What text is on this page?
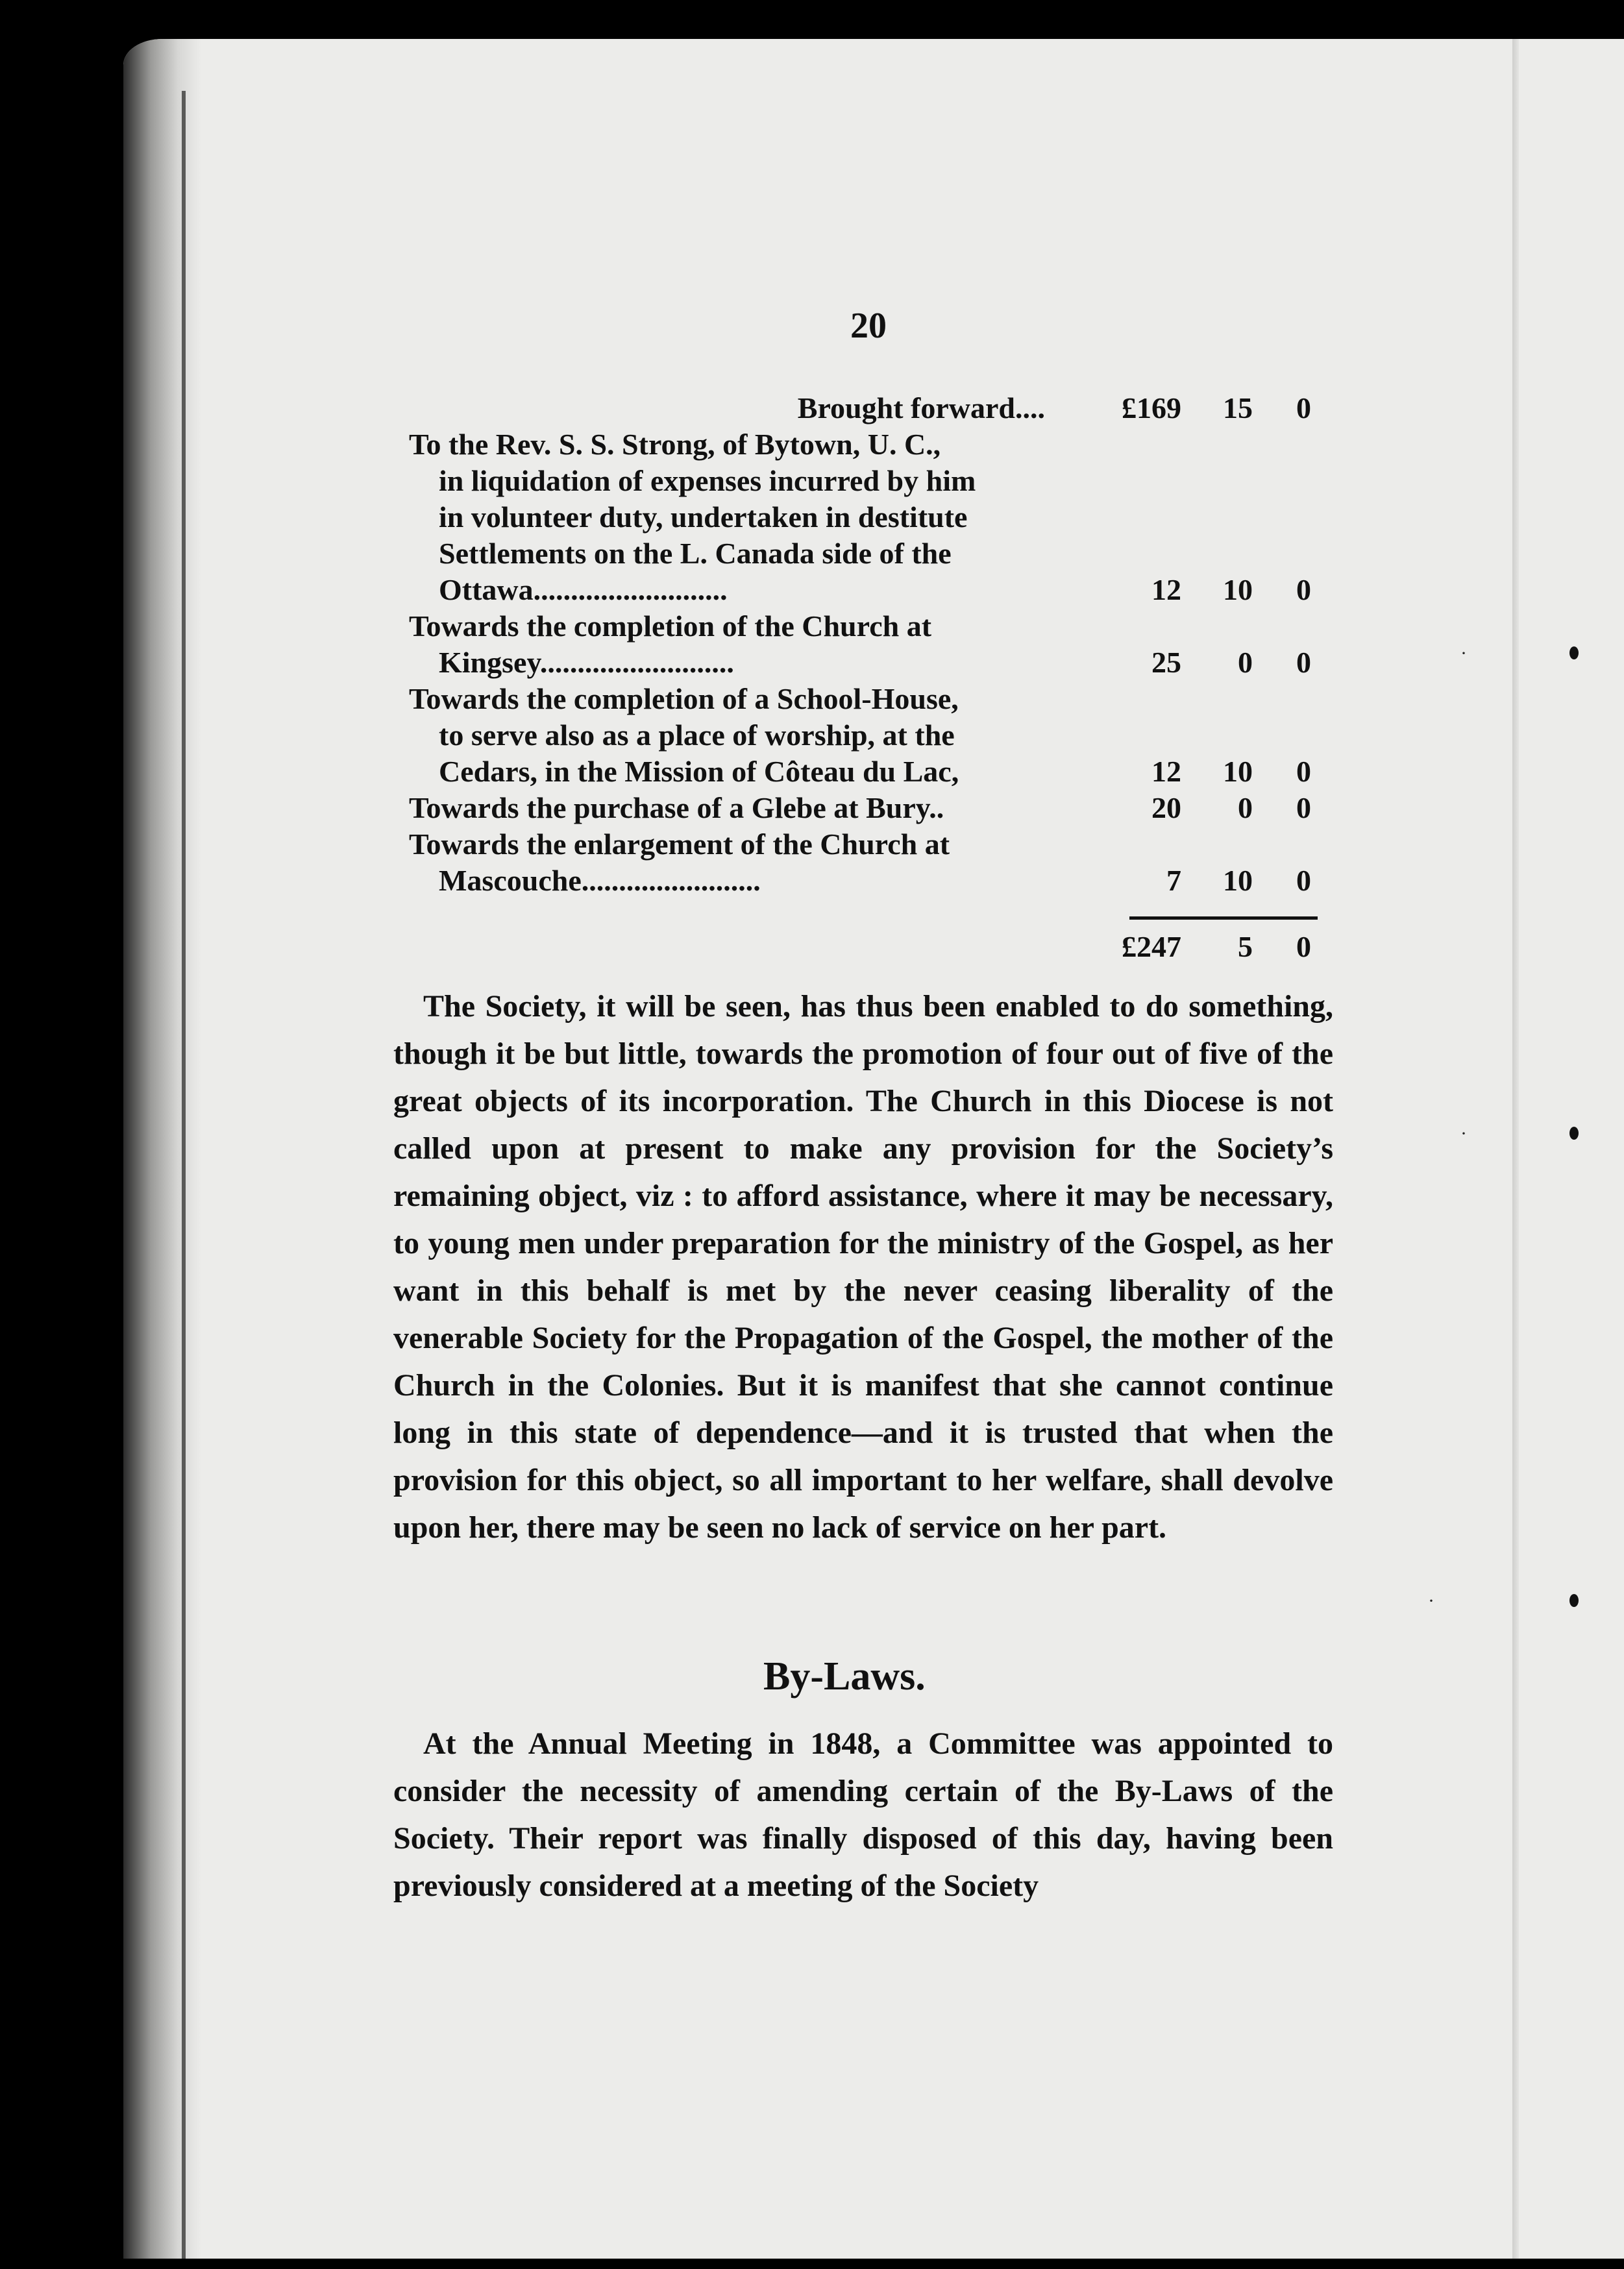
20
Brought forward....	£169 15 0
To the Rev. S. S. Strong, of Bytown, U. C.,
in liquidation of expenses incurred by him
in volunteer duty, undertaken in destitute
Settlements on the L. Canada side of the
Ottawa..........................	12 10 0
Towards the completion of the Church at
Kingsey..........................	25 0 0
Towards the completion of a School-House,
to serve also as a place of worship, at the
Cedars, in the Mission of Côteau du Lac,	12 10 0
Towards the purchase of a Glebe at Bury..	20 0 0
Towards the enlargement of the Church at
Mascouche........................	7 10 0
£247 5 0
The Society, it will be seen, has thus been enabled to do something, though it be but little, towards the promotion of four out of five of the great objects of its incorporation. The Church in this Diocese is not called upon at present to make any provision for the Society’s remaining object, viz : to afford assistance, where it may be necessary, to young men under preparation for the ministry of the Gospel, as her want in this behalf is met by the never ceasing liberality of the venerable Society for the Propagation of the Gospel, the mother of the Church in the Colonies. But it is manifest that she cannot continue long in this state of dependence—and it is trusted that when the provision for this object, so all important to her welfare, shall devolve upon her, there may be seen no lack of service on her part.
By-Laws.
At the Annual Meeting in 1848, a Committee was appointed to consider the necessity of amending certain of the By-Laws of the Society. Their report was finally disposed of this day, having been previously considered at a meeting of the Society
·
·
·
